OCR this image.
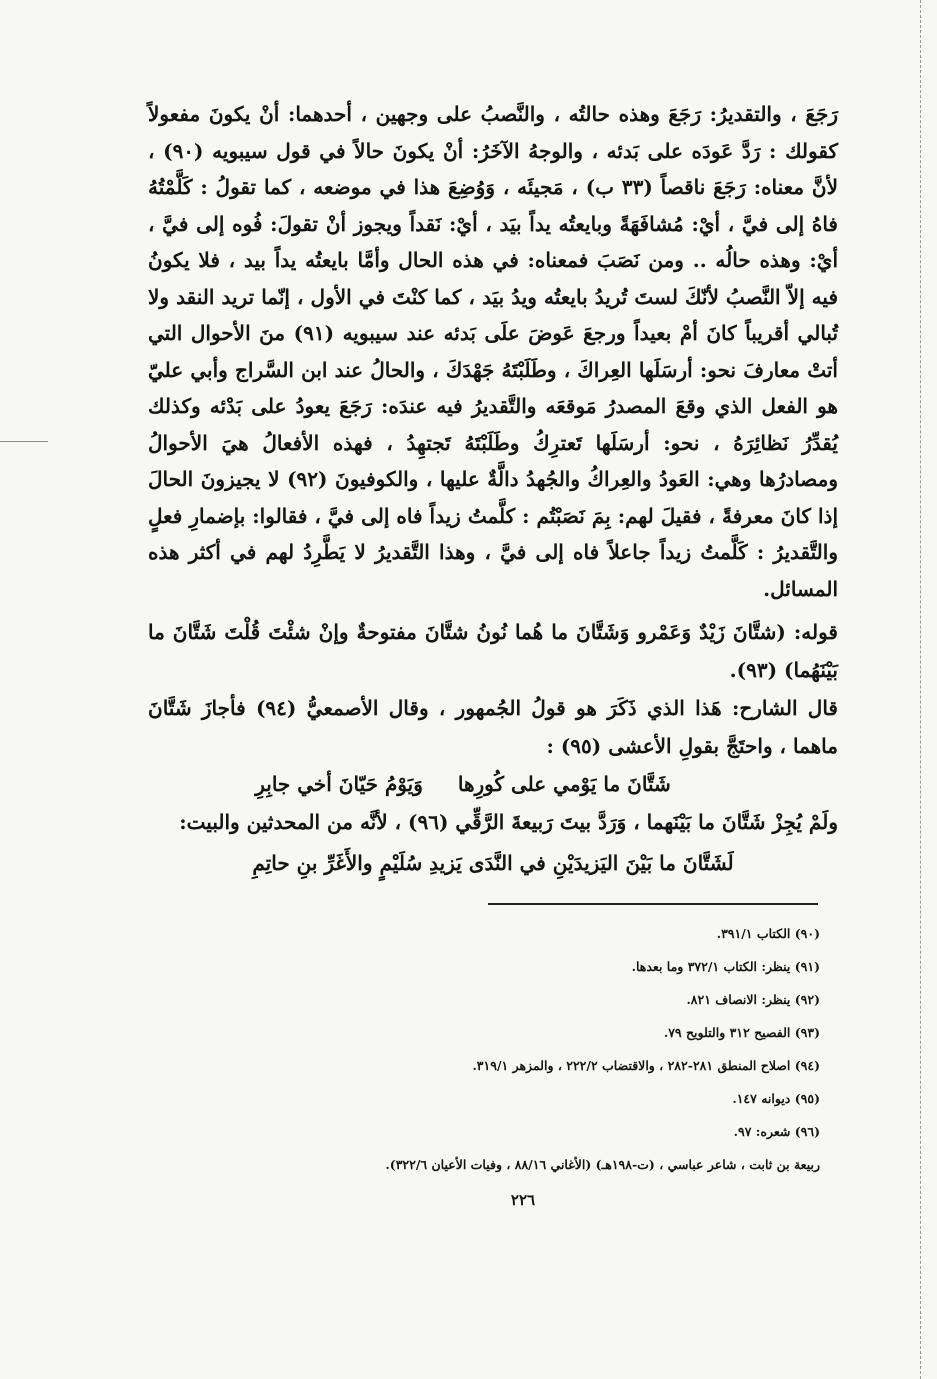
رَجَعَ ، والتقديرُ: رَجَعَ وهذه حالتُه ، والنَّصبُ على وجهين ، أحدهما: أنْ يكونَ مفعولاً كقولك : رَدَّ عَودَه على بَدئه ، والوجهُ الآخَرُ: أنْ يكونَ حالاً في قول سيبويه (٩٠) ، لأنَّ معناه: رَجَعَ ناقصاً (٣٣ ب) ، مَجيئَه ، وَوُضِعَ هذا في موضعه ، كما تقولُ : كَلَّمْتُهُ فاهُ إلى فيَّ ، أيْ: مُشافَهَةً وبايعتُه يداً بيَد ، أيْ: نَقداً ويجوز أنْ تقولَ: فُوه إلى فيَّ ، أيْ: وهذه حالُه .. ومن نَصَبَ فمعناه: في هذه الحال وأمَّا بايعتُه يداً بيد ، فلا يكونُ فيه إلاّ النَّصبُ لأنّكَ لستَ تُريدُ بايعتُه ويدُ بيَد ، كما كنْتَ في الأول ، إنّما تريد النقد ولا تُبالي أقريباً كانَ أمْ بعيداً ورجعَ عَوضَ علَى بَدئه عند سيبويه (٩١) منَ الأحوال التي أتتْ معارفَ نحو: أرسَلَها العِراكَ ، وطَلَبْتَهُ جَهْدَكَ ، والحالُ عند ابن السَّراج وأبي عليّ هو الفعل الذي وقعَ المصدرُ مَوقعَه والتَّقديرُ فيه عندَه: رَجَعَ يعودُ على بَدْئه وكذلك يُقدِّرُ نَظائِرَهُ ، نحو: أرسَلَها تَعترِكُ وطَلَبْتَهُ تَجتهِدُ ، فهذه الأفعالُ هيَ الأحوالُ ومصادرُها وهي: العَودُ والعِراكُ والجُهدُ دالَّةٌ عليها ، والكوفيونَ (٩٢) لا يجيزونَ الحالَ إذا كانَ معرفةً ، فقيلَ لهم: بِمَ نَصَبْتُم : كلَّمتُ زيداً فاه إلى فيَّ ، فقالوا: بإضمارِ فعلٍ والتَّقديرُ : كَلَّمتُ زيداً جاعلاً فاه إلى فيَّ ، وهذا التَّقديرُ لا يَطَّرِدُ لهم في أكثر هذه المسائل.

قوله: (شتَّانَ زَيْدٌ وَعَمْرو وَشَتَّانَ ما هُما نُونُ شتَّانَ مفتوحةٌ وإنْ شئْتَ قُلْتَ شَتَّانَ ما بَيْنَهُما) (٩٣).

قال الشارح: هَذا الذي ذَكَرَ هو قولُ الجُمهور ، وقال الأصمعيُّ (٩٤) فأجازَ شَتَّانَ ماهما ، واحتَجَّ بقولِ الأعشى (٩٥) :

شَتَّانَ ما يَوْمي على كُورِها وَيَوْمُ حَيّانَ أخي جابِرِ

ولَمْ يُجِزْ شَتَّانَ ما بَيْنَهما ، وَرَدَّ بيتَ رَبيعةَ الرَّقِّي (٩٦) ، لأنَّه من المحدثين والبيت:

لَشَتَّانَ ما بَيْنَ اليَزيدَيْنِ في النَّدَى يَزيدِ سُلَيْمٍ والأَغَرِّ بنِ حاتِمِ

(٩٠) الكتاب ٣٩١/١.

(٩١) ينظر: الكتاب ٣٧٢/١ وما بعدها.

(٩٢) ينظر: الانصاف ٨٢١.

(٩٣) الفصيح ٣١٢ والتلويح ٧٩.

(٩٤) اصلاح المنطق ٢٨١-٢٨٢ ، والاقتضاب ٢٢٢/٢ ، والمزهر ٣١٩/١.

(٩٥) ديوانه ١٤٧.

(٩٦) شعره: ٩٧.

ربيعة بن ثابت ، شاعر عباسي ، (ت-١٩٨هـ) (الأغاني ٨٨/١٦ ، وفيات الأعيان ٣٢٢/٦).

٢٢٦
